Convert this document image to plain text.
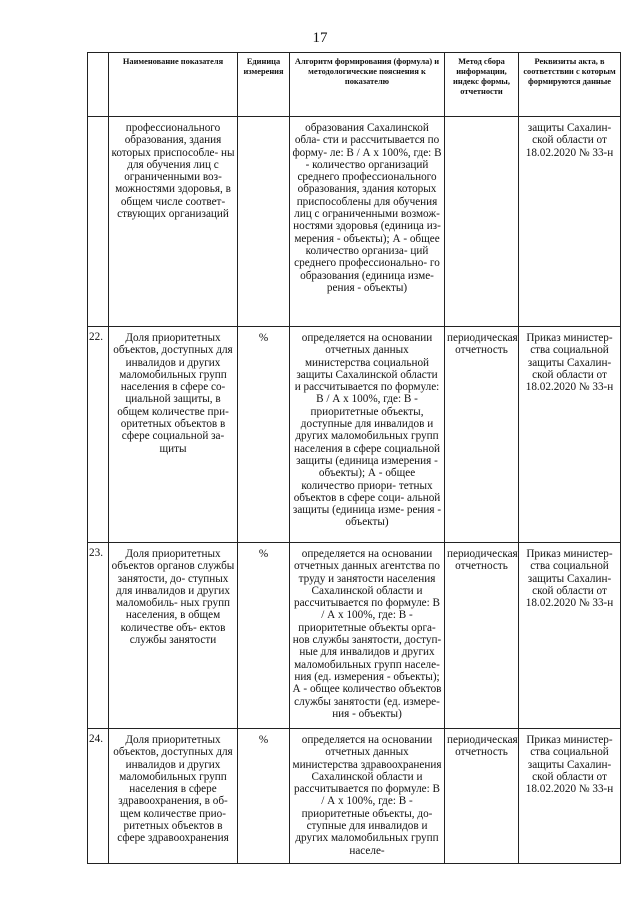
17
	Наименование показателя	Единица измерения	Алгоритм формирования (формула) и методологические пояснения к показателю	Метод сбора информации, индекс формы, отчетности	Реквизиты акта, в соответствии с которым формируются данные

	профессионального образования, здания которых приспособле- ны для обучения лиц с ограниченными воз- можностями здоровья, в общем числе соответ- ствующих организаций		образования Сахалинской обла- сти и рассчитывается по форму- ле: В / А x 100%, где: В - количество организаций среднего профессионального образования, здания которых приспособлены для обучения лиц с ограниченными возмож- ностями здоровья (единица из- мерения - объекты); А - общее количество организа- ций среднего профессионально- го образования (единица изме- рения - объекты)		защиты Сахалин- ской области от 18.02.2020 № 33-н

22.	Доля приоритетных объектов, доступных для инвалидов и других маломобильных групп населения в сфере со- циальной защиты, в общем количестве при- оритетных объектов в сфере социальной за- щиты	%	определяется на основании отчетных данных министерства социальной защиты Сахалинской области и рассчитывается по формуле: В / А x 100%, где: В - приоритетные объекты, доступные для инвалидов и других маломобильных групп населения в сфере социальной защиты (единица измерения - объекты); А - общее количество приори- тетных объектов в сфере соци- альной защиты (единица изме- рения - объекты)	периодическая отчетность	Приказ министер- ства социальной защиты Сахалин- ской области от 18.02.2020 № 33-н

23.	Доля приоритетных объектов органов службы занятости, до- ступных для инвалидов и других маломобиль- ных групп населения, в общем количестве объ- ектов службы занятости	%	определяется на основании отчетных данных агентства по труду и занятости населения Сахалинской области и рассчитывается по формуле: В / А x 100%, где: В - приоритетные объекты орга- нов службы занятости, доступ- ные для инвалидов и других маломобильных групп населе- ния (ед. измерения - объекты); А - общее количество объектов службы занятости (ед. измере- ния - объекты)	периодическая отчетность	Приказ министер- ства социальной защиты Сахалин- ской области от 18.02.2020 № 33-н

24.	Доля приоритетных объектов, доступных для инвалидов и других маломобильных групп населения в сфере здравоохранения, в об- щем количестве прио- ритетных объектов в сфере здравоохранения	%	определяется на основании отчетных данных министерства здравоохранения Сахалинской области и рассчитывается по формуле: В / А x 100%, где: В - приоритетные объекты, до- ступные для инвалидов и других маломобильных групп населе-	периодическая отчетность	Приказ министер- ства социальной защиты Сахалин- ской области от 18.02.2020 № 33-н
